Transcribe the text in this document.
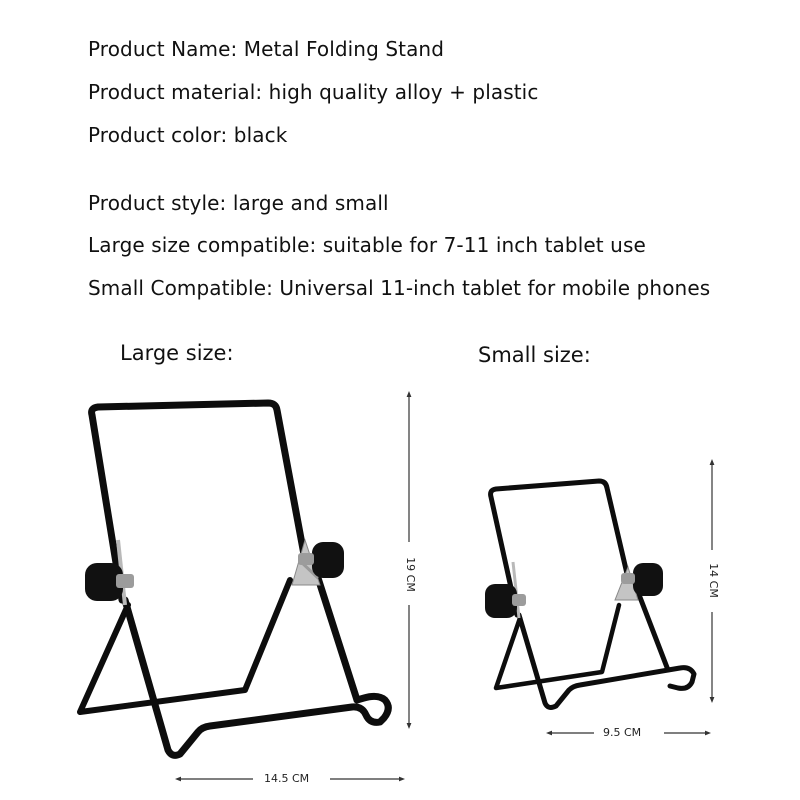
Product Name: Metal Folding Stand
Product material: high quality alloy + plastic
Product color: black
Product style: large and small
Large size compatible: suitable for 7-11 inch tablet use
Small Compatible: Universal 11-inch tablet for mobile phones
Large size:	Small size:
19 CM
14.5 CM
14 CM
9.5 CM
